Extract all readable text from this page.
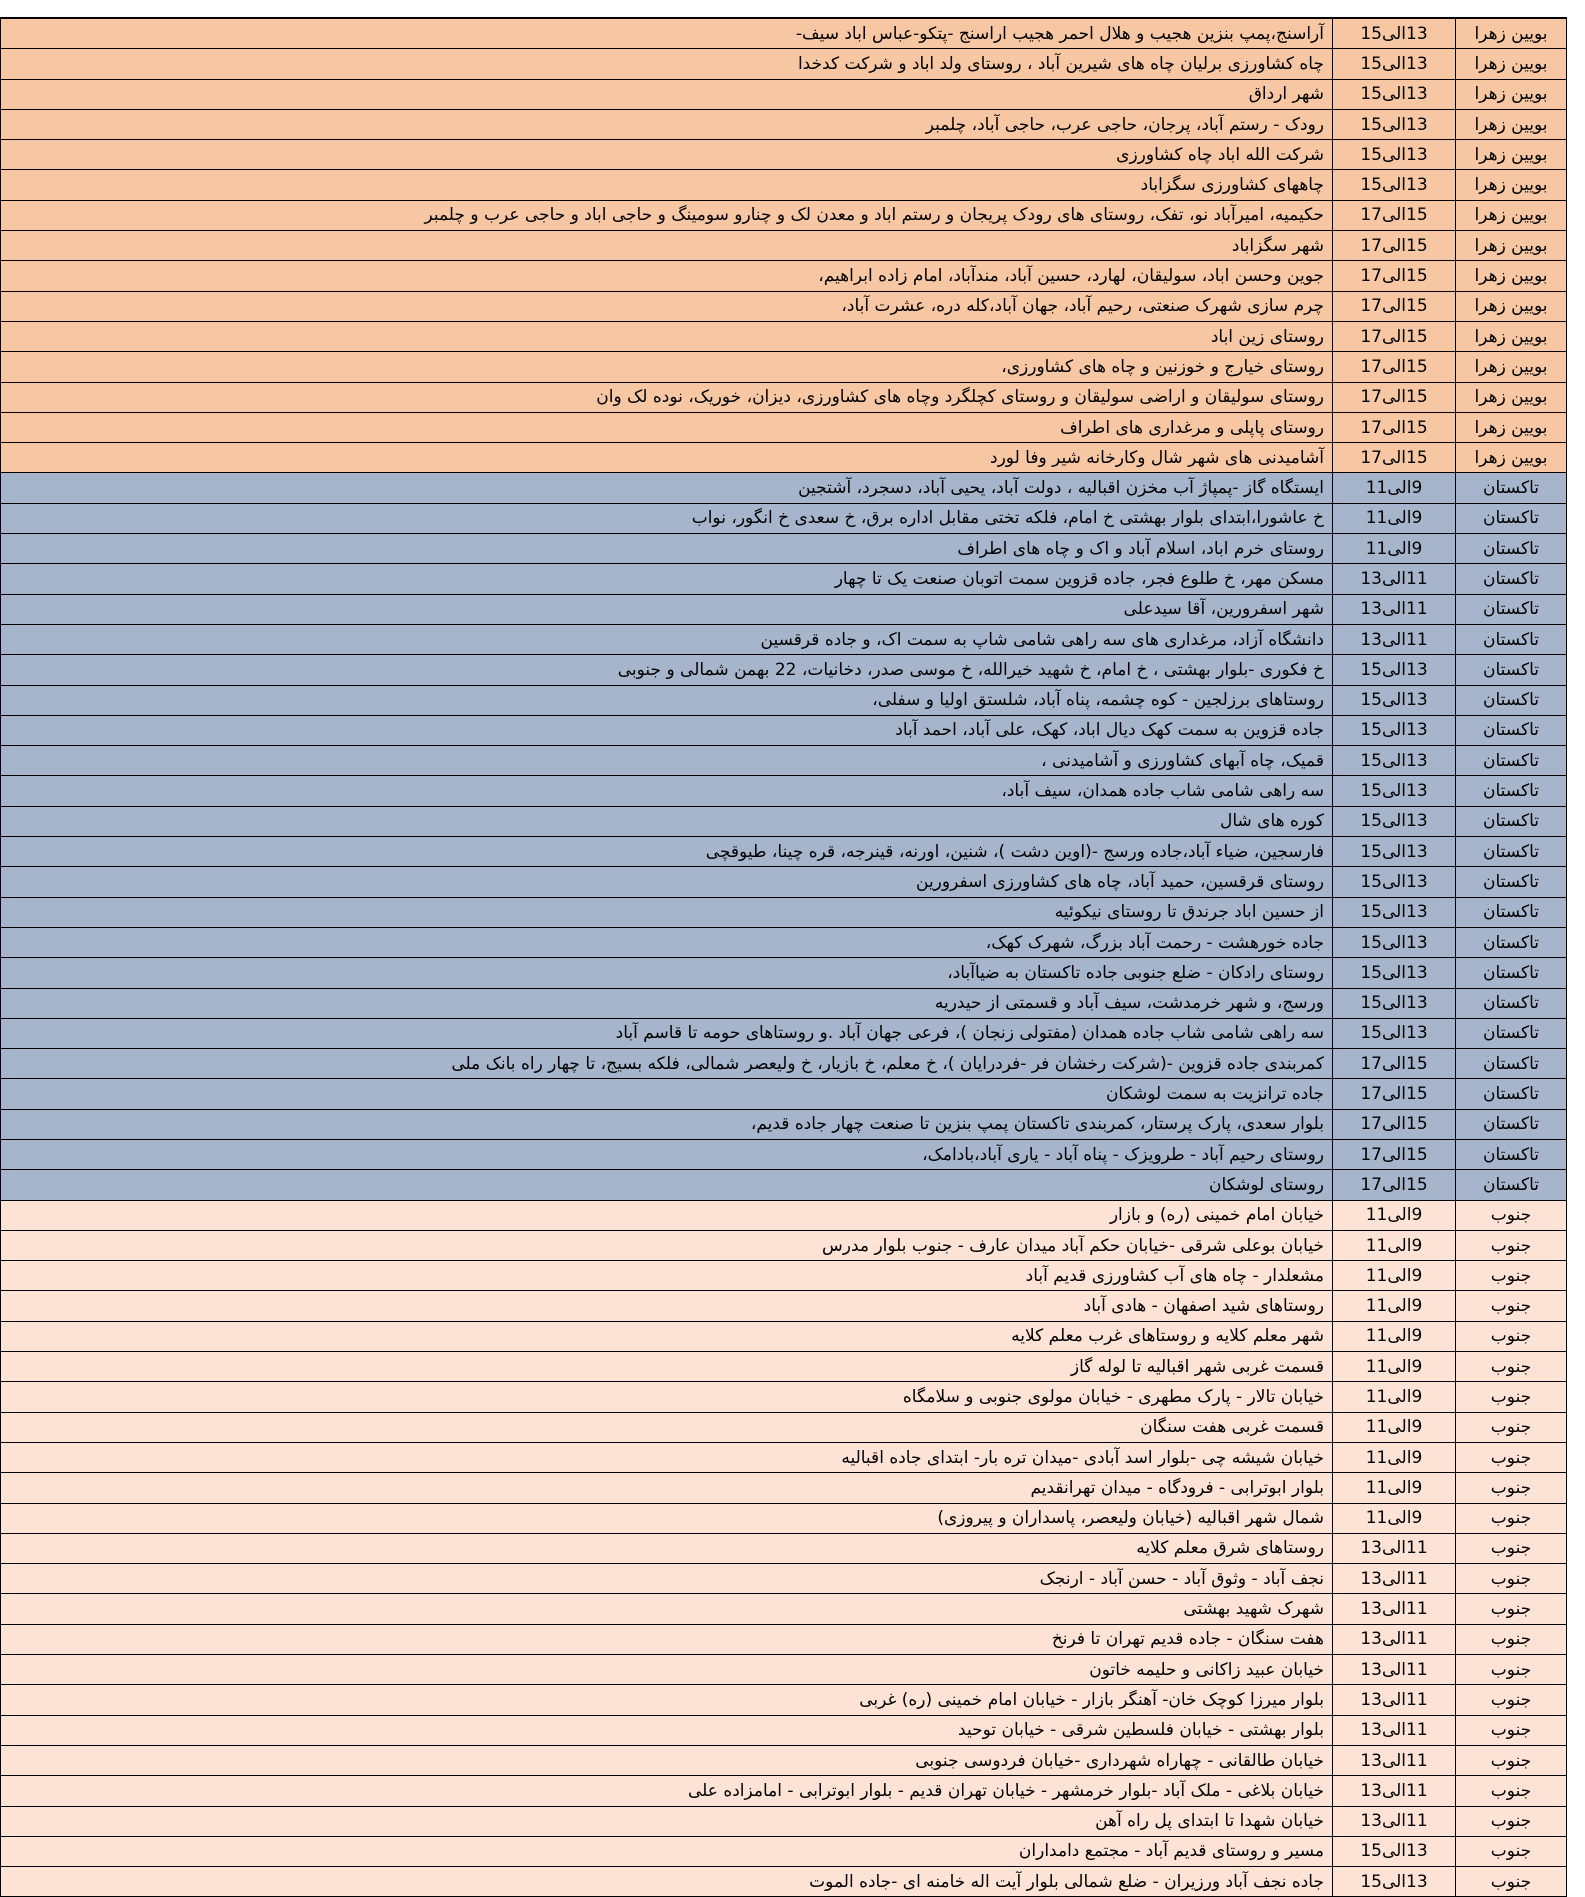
بویین زهرا	13الی15	آراسنج،پمپ بنزین هجیب و هلال احمر هجیب اراسنج -پتکو-عباس اباد سیف-
بویین زهرا	13الی15	چاه کشاورزی برلیان چاه های شیرین آباد ، روستای ولد اباد و شرکت کدخدا
بویین زهرا	13الی15	شهر ارداق
بویین زهرا	13الی15	رودک - رستم آباد، پرجان، حاجی عرب، حاجی آباد، چلمبر
بویین زهرا	13الی15	شرکت الله اباد چاه کشاورزی
بویین زهرا	13الی15	چاههای کشاورزی سگزاباد
بویین زهرا	15الی17	حکیمیه، امیرآباد نو، تفک، روستای های رودک پریجان و رستم اباد و معدن لک و چنارو سومینگ و حاجی اباد و حاجی عرب و چلمبر
بویین زهرا	15الی17	شهر سگزاباد
بویین زهرا	15الی17	جوین وحسن اباد، سولیقان، لهارد، حسین آباد، مندآباد، امام زاده ابراهیم،
بویین زهرا	15الی17	چرم سازی شهرک صنعتی، رحیم آباد، جهان آباد،کله دره، عشرت آباد،
بویین زهرا	15الی17	روستای زین اباد
بویین زهرا	15الی17	روستای خیارج و خوزنین و چاه های کشاورزی،
بویین زهرا	15الی17	روستای سولیقان و اراضی سولیقان و روستای کچلگرد وچاه های کشاورزی، دیزان، خوریک، نوده لک وان
بویین زهرا	15الی17	روستای پاپلی و مرغداری های اطراف
بویین زهرا	15الی17	آشامیدنی های شهر شال وکارخانه شیر وفا لورد
تاکستان	9الی11	ایستگاه گاز -پمپاژ آب مخزن اقبالیه ، دولت آباد، یحیی آباد، دسجرد، آشتجین
تاکستان	9الی11	خ عاشورا،ابتدای بلوار بهشتی خ امام، فلکه تختی مقابل اداره برق، خ سعدی خ انگور، نواب
تاکستان	9الی11	روستای خرم اباد، اسلام آباد و اک و چاه های اطراف
تاکستان	11الی13	مسکن مهر، خ طلوع فجر، جاده قزوین سمت اتوبان صنعت یک تا چهار
تاکستان	11الی13	شهر اسفرورین، آقا سیدعلی
تاکستان	11الی13	دانشگاه آزاد، مرغداری های سه راهی شامی شاپ به سمت اک، و جاده قرقسین
تاکستان	13الی15	خ فکوری -بلوار بهشتی ، خ امام، خ شهید خیرالله، خ موسی صدر، دخانیات، 22 بهمن شمالی و جنوبی
تاکستان	13الی15	روستاهای برزلجین - کوه چشمه، پناه آباد، شلستق اولیا و سفلی،
تاکستان	13الی15	جاده قزوین به سمت کهک دیال اباد، کهک، علی آباد، احمد آباد
تاکستان	13الی15	قمیک، چاه آبهای کشاورزی و آشامیدنی ،
تاکستان	13الی15	سه راهی شامی شاب جاده همدان، سیف آباد،
تاکستان	13الی15	کوره های شال
تاکستان	13الی15	فارسجین، ضیاء آباد،جاده ورسج -(اوین دشت )، شنین، اورنه، قینرجه، قره چینا، طیوقچی
تاکستان	13الی15	روستای قرقسین، حمید آباد، چاه های کشاورزی اسفرورین
تاکستان	13الی15	از حسین اباد جرندق تا روستای نیکوئیه
تاکستان	13الی15	جاده خورهشت - رحمت آباد بزرگ، شهرک کهک،
تاکستان	13الی15	روستای رادکان - ضلع جنوبی جاده تاکستان به ضیاآباد،
تاکستان	13الی15	ورسج، و شهر خرمدشت، سیف آباد و قسمتی از حیدریه
تاکستان	13الی15	سه راهی شامی شاب جاده همدان (مفتولی زنجان )، فرعی جهان آباد .و روستاهای حومه تا قاسم آباد
تاکستان	15الی17	کمربندی جاده قزوین -(شرکت رخشان فر -فردرایان )، خ معلم، خ بازیار، خ ولیعصر شمالی، فلکه بسیج، تا چهار راه بانک ملی
تاکستان	15الی17	جاده ترانزیت به سمت لوشکان
تاکستان	15الی17	بلوار سعدی، پارک پرستار، کمربندی تاکستان پمپ بنزین تا صنعت چهار جاده قدیم،
تاکستان	15الی17	روستای رحیم آباد - طرویزک - پناه آباد - یاری آباد،بادامک،
تاکستان	15الی17	روستای لوشکان
جنوب	9الی11	خیابان امام خمینی (ره) و بازار
جنوب	9الی11	خیابان بوعلی شرقی -خیابان حکم آباد میدان عارف - جنوب بلوار مدرس
جنوب	9الی11	مشعلدار - چاه های آب کشاورزی قدیم آباد
جنوب	9الی11	روستاهای شید اصفهان - هادی آباد
جنوب	9الی11	شهر معلم کلایه و روستاهای غرب معلم کلایه
جنوب	9الی11	قسمت غربی شهر اقبالیه تا لوله گاز
جنوب	9الی11	خیابان تالار - پارک مطهری - خیابان مولوی جنوبی و سلامگاه
جنوب	9الی11	قسمت غربی هفت سنگان
جنوب	9الی11	خیابان شیشه چی -بلوار اسد آبادی -میدان تره بار- ابتدای جاده اقبالیه
جنوب	9الی11	بلوار ابوترابی - فرودگاه - میدان تهرانقدیم
جنوب	9الی11	شمال شهر اقبالیه (خیابان ولیعصر، پاسداران و پیروزی)
جنوب	11الی13	روستاهای شرق معلم کلایه
جنوب	11الی13	نجف آباد - وثوق آباد - حسن آباد - ارنجک
جنوب	11الی13	شهرک شهید بهشتی
جنوب	11الی13	هفت سنگان - جاده قدیم تهران تا فرنخ
جنوب	11الی13	خیابان عبید زاکانی و حلیمه خاتون
جنوب	11الی13	بلوار میرزا کوچک خان- آهنگر بازار - خیابان امام خمینی (ره) غربی
جنوب	11الی13	بلوار بهشتی - خیابان فلسطین شرقی - خیابان توحید
جنوب	11الی13	خیابان طالقانی - چهاراه شهرداری -خیابان فردوسی جنوبی
جنوب	11الی13	خیابان بلاغی - ملک آباد -بلوار خرمشهر - خیابان تهران قدیم - بلوار ابوترابی - امامزاده علی
جنوب	11الی13	خیابان شهدا تا ابتدای پل راه آهن
جنوب	13الی15	مسیر و روستای قدیم آباد - مجتمع دامداران
جنوب	13الی15	جاده نجف آباد ورزیران - ضلع شمالی بلوار آیت اله خامنه ای -جاده الموت
